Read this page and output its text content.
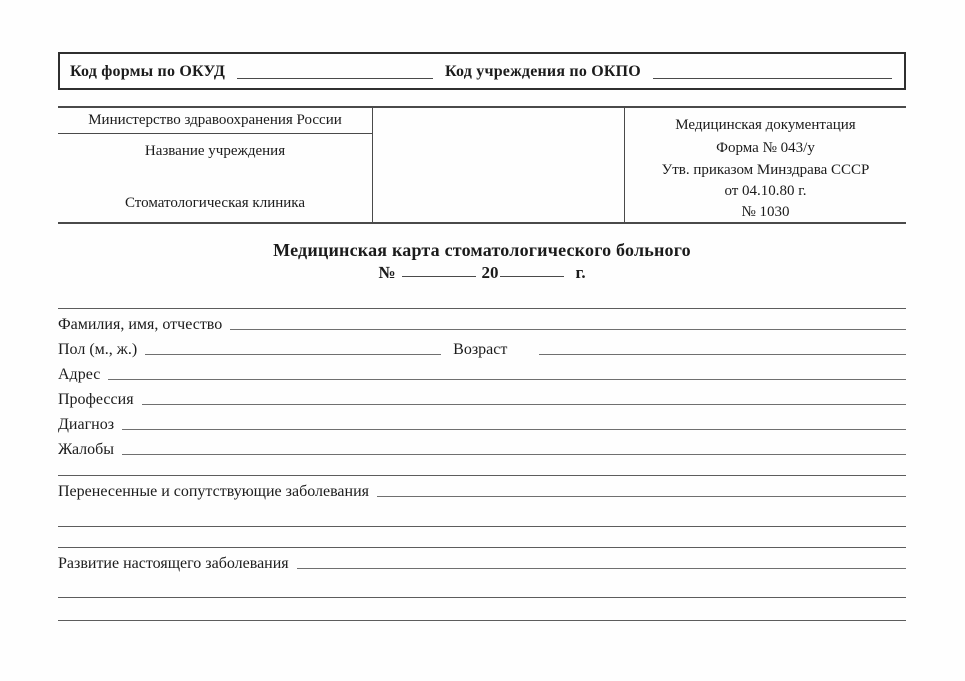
Код формы по ОКУД	Код учреждения по ОКПО
Министерство здравоохранения России
Название учреждения
Стоматологическая клиника
Медицинская документация
Форма № 043/у
Утв. приказом Минздрава СССР
от 04.10.80 г.
№ 1030
Медицинская карта стоматологического больного
№	20	г.
Фамилия, имя, отчество
Пол (м., ж.)	Возраст
Адрес
Профессия
Диагноз
Жалобы
Перенесенные и сопутствующие заболевания
Развитие настоящего заболевания
